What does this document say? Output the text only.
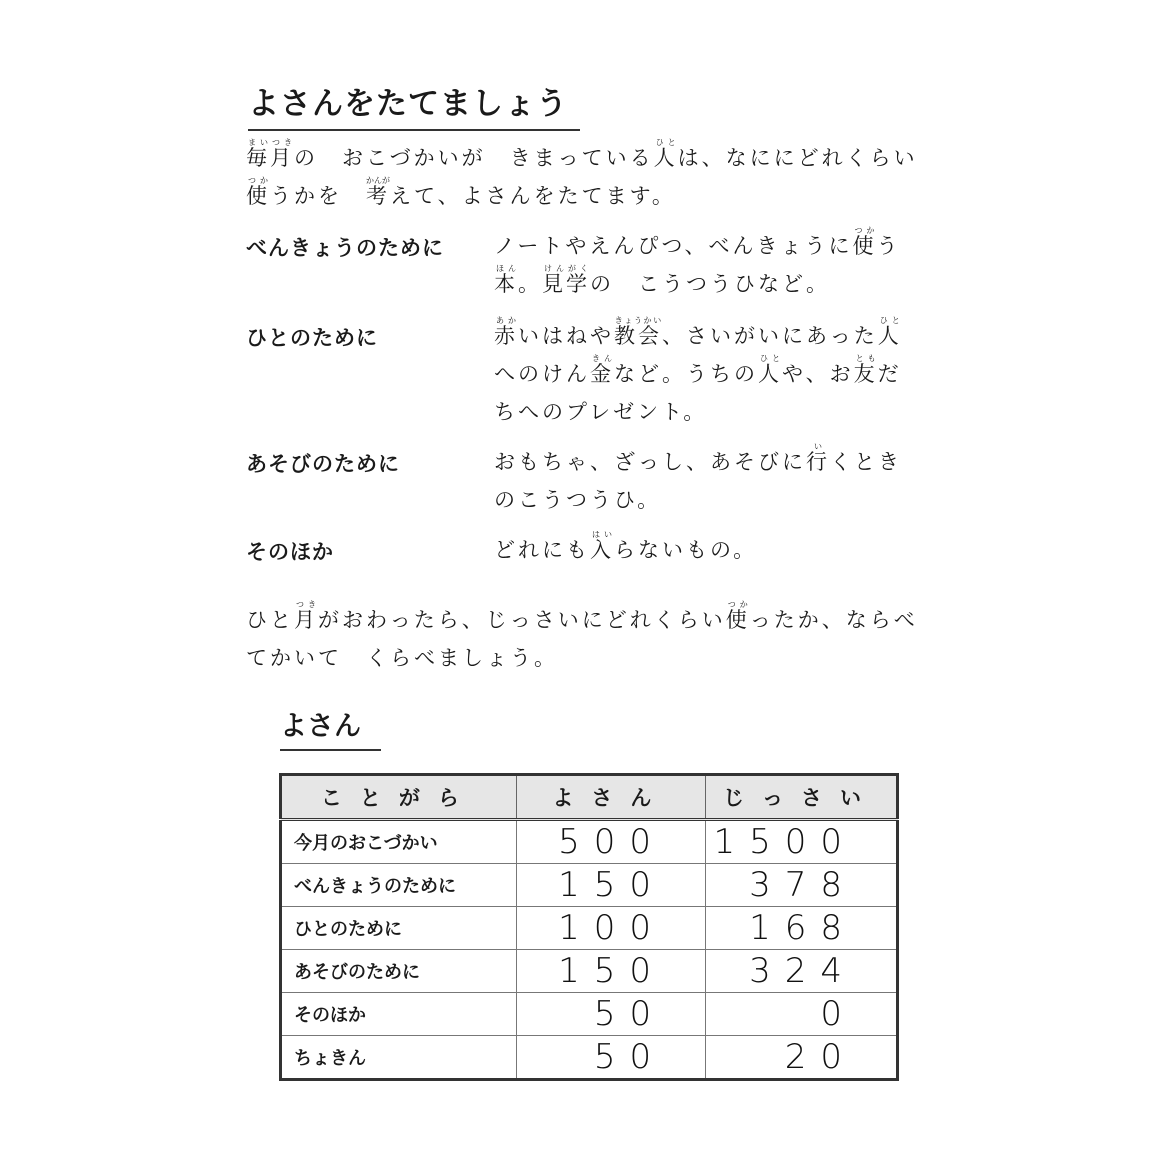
よさんをたてましょう
毎月まいつきの　おこづかいが　きまっている人ひとは、なににどれくらい使つかうかを　考かんがえて、よさんをたてます。
べんきょうのために ノートやえんぴつ、べんきょうに使つかう本ほん。見学けんがくの　こうつうひなど。
ひとのために	赤あかいはねや教会きょうかい、さいがいにあった人ひとへのけん金きんなど。うちの人ひとや、お友ともだちへのプレゼント。
あそびのために	おもちゃ、ざっし、あそびに行いくときのこうつうひ。
そのほか	どれにも入はいらないもの。
ひと月つきがおわったら、じっさいにどれくらい使つかったか、ならべてかいて　くらべましょう。
よさん
ことがら	よさん	じっさい
今月のおこづかい	500	1500
べんきょうのために	150	378
ひとのために	100	168
あそびのために	150	324
そのほか	50	0
ちょきん	50	20
